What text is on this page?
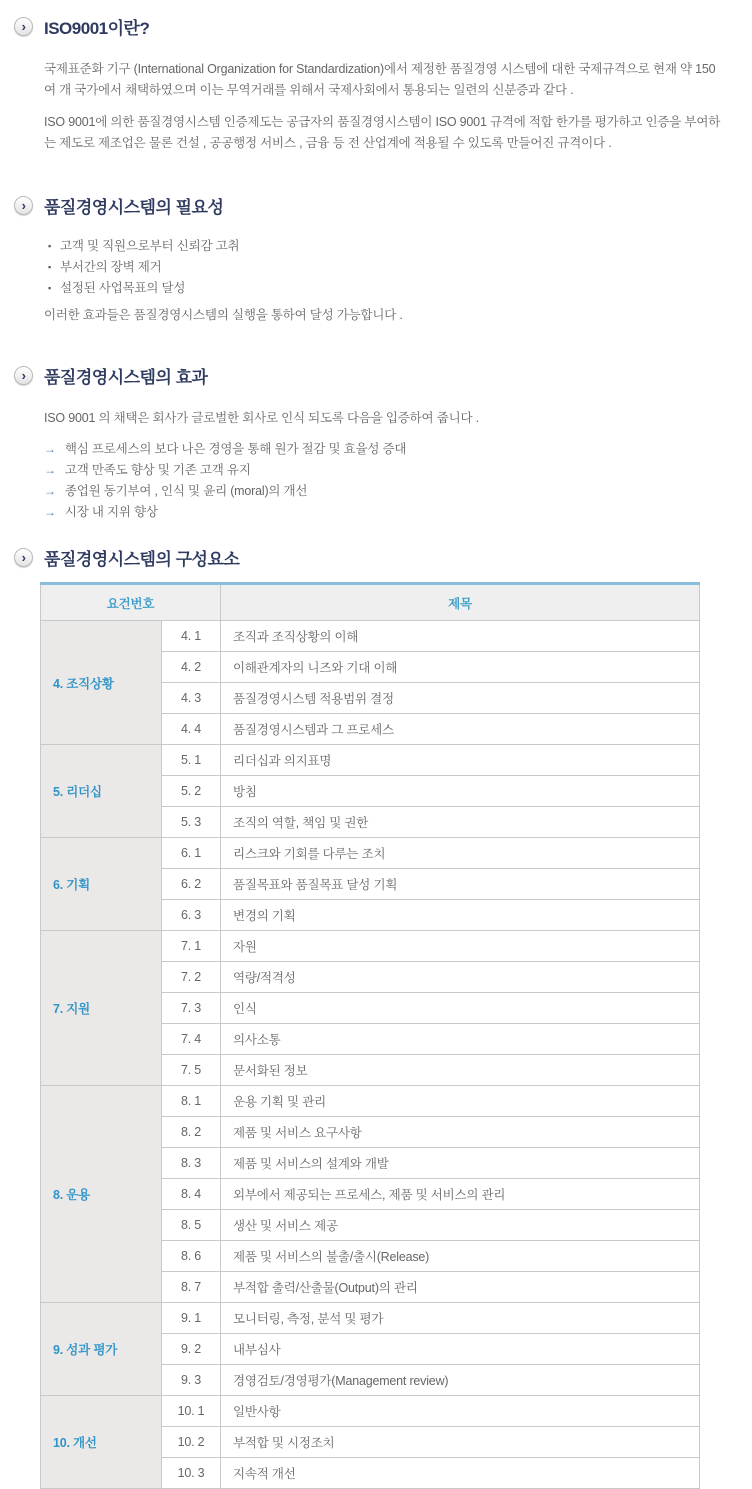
›	ISO9001이란?

국제표준화 기구 (International Organization for Standardization)에서 제정한 품질경영 시스템에 대한 국제규격으로 현재 약 150여 개 국가에서 채택하였으며 이는 무역거래를 위해서 국제사회에서 통용되는 일련의 신분증과 같다 .

ISO 9001에 의한 품질경영시스템 인증제도는 공급자의 품질경영시스템이 ISO 9001 규격에 적합 한가를 평가하고 인증을 부여하는 제도로 제조업은 물론 건설 , 공공행정 서비스 , 금융 등 전 산업계에 적용될 수 있도록 만들어진 규격이다 .

›	품질경영시스템의 필요성
▪ 고객 및 직원으로부터 신뢰감 고취
▪ 부서간의 장벽 제거
▪ 설정된 사업목표의 달성

이러한 효과들은 품질경영시스템의 실행을 통하여 달성 가능합니다 .

›	품질경영시스템의 효과

ISO 9001 의 채택은 회사가 글로벌한 회사로 인식 되도록 다음을 입증하여 줍니다 .

→ 핵심 프로세스의 보다 나은 경영을 통해 원가 절감 및 효율성 증대
→ 고객 만족도 향상 및 기존 고객 유지
→ 종업원 동기부여 , 인식 및 윤리 (moral)의 개선
→ 시장 내 지위 향상
›	품질경영시스템의 구성요소
요건번호		제목
4. 조직상황	4. 1	조직과 조직상황의 이해
	4. 2	이해관계자의 니즈와 기대 이해
	4. 3	품질경영시스템 적용범위 결정
	4. 4	품질경영시스템과 그 프로세스
5. 리더십	5. 1	리더십과 의지표명
	5. 2	방침
	5. 3	조직의 역할, 책임 및 권한
6. 기획	6. 1	리스크와 기회를 다루는 조치
	6. 2	품질목표와 품질목표 달성 기획
	6. 3	변경의 기획
7. 지원	7. 1	자원
	7. 2	역량/적격성
	7. 3	인식
	7. 4	의사소통
	7. 5	문서화된 정보
8. 운용	8. 1	운용 기획 및 관리
	8. 2	제품 및 서비스 요구사항
	8. 3	제품 및 서비스의 설계와 개발
	8. 4	외부에서 제공되는 프로세스, 제품 및 서비스의 관리
	8. 5	생산 및 서비스 제공
	8. 6	제품 및 서비스의 불출/출시(Release)
	8. 7	부적합 출력/산출물(Output)의 관리
9. 성과 평가	9. 1	모니터링, 측정, 분석 및 평가
	9. 2	내부심사
	9. 3	경영검토/경영평가(Management review)
10. 개선	10. 1	일반사항
	10. 2	부적합 및 시정조치
	10. 3	지속적 개선
